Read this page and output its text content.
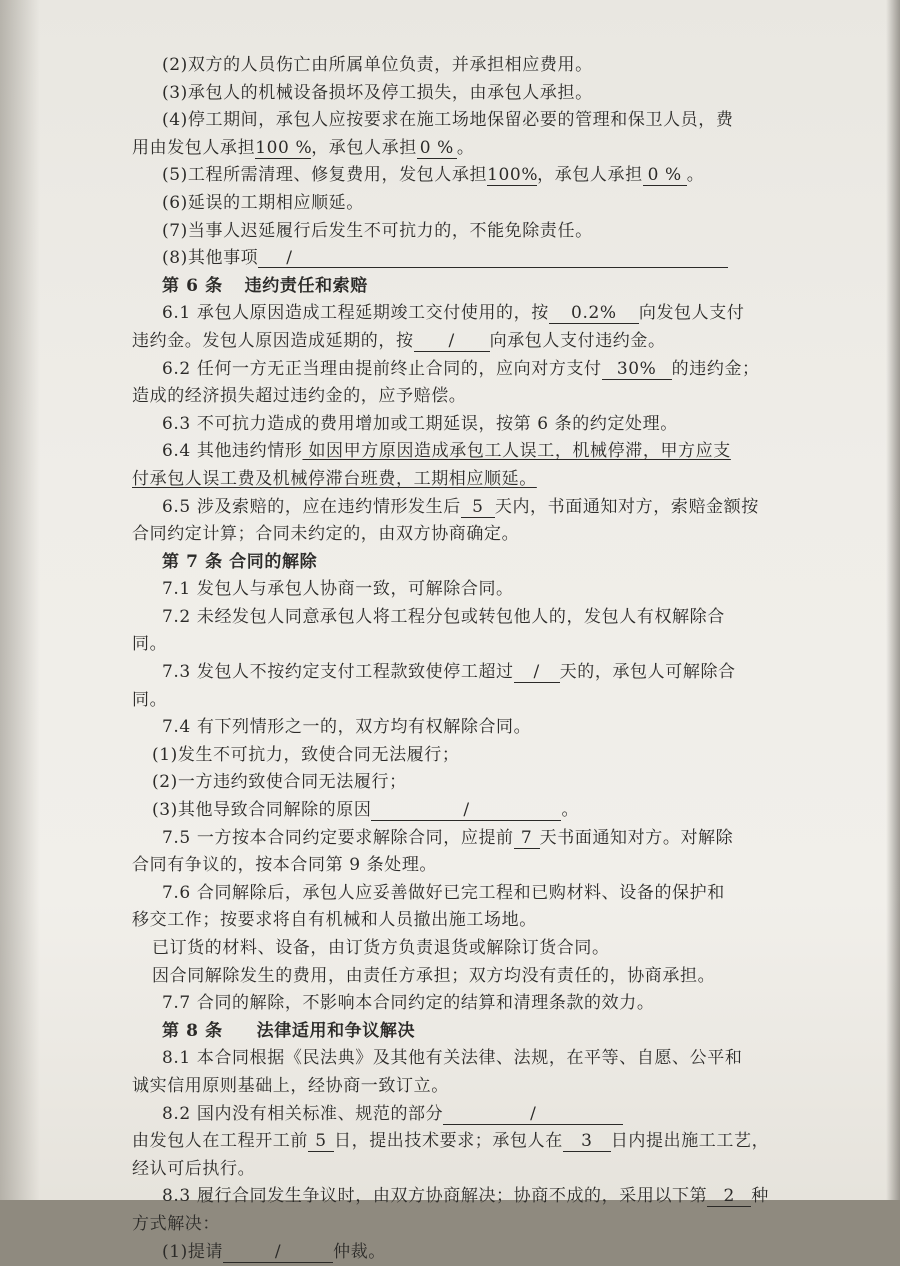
(2)双方的人员伤亡由所属单位负责，并承担相应费用。
(3)承包人的机械设备损坏及停工损失，由承包人承担。
(4)停工期间，承包人应按要求在施工场地保留必要的管理和保卫人员，费
用由发包人承担100 %，承包人承担 0 % 。
(5)工程所需清理、修复费用，发包人承担100%，承包人承担 0 % 。
(6)延误的工期相应顺延。
(7)当事人迟延履行后发生不可抗力的，不能免除责任。
(8)其他事项 /
第 6 条 违约责任和索赔
6.1 承包人原因造成工程延期竣工交付使用的，按 0.2% 向发包人支付
违约金。发包人原因造成延期的，按 / 向承包人支付违约金。
6.2 任何一方无正当理由提前终止合同的，应向对方支付 30% 的违约金；
造成的经济损失超过违约金的，应予赔偿。
6.3 不可抗力造成的费用增加或工期延误，按第 6 条的约定处理。
6.4 其他违约情形 如因甲方原因造成承包工人误工，机械停滞，甲方应支
付承包人误工费及机械停滞台班费，工期相应顺延。
6.5 涉及索赔的，应在违约情形发生后 5 天内，书面通知对方，索赔金额按
合同约定计算；合同未约定的，由双方协商确定。
第 7 条 合同的解除
7.1 发包人与承包人协商一致，可解除合同。
7.2 未经发包人同意承包人将工程分包或转包他人的，发包人有权解除合
同。
7.3 发包人不按约定支付工程款致使停工超过 / 天的，承包人可解除合
同。
7.4 有下列情形之一的，双方均有权解除合同。
(1)发生不可抗力，致使合同无法履行；
(2)一方违约致使合同无法履行；
(3)其他导致合同解除的原因	/	。
7.5 一方按本合同约定要求解除合同，应提前 7 天书面通知对方。对解除
合同有争议的，按本合同第 9 条处理。
7.6 合同解除后，承包人应妥善做好已完工程和已购材料、设备的保护和
移交工作；按要求将自有机械和人员撤出施工场地。
已订货的材料、设备，由订货方负责退货或解除订货合同。
因合同解除发生的费用，由责任方承担；双方均没有责任的，协商承担。
7.7 合同的解除，不影响本合同约定的结算和清理条款的效力。
第 8 条 法律适用和争议解决
8.1 本合同根据《民法典》及其他有关法律、法规，在平等、自愿、公平和
诚实信用原则基础上，经协商一致订立。
8.2 国内没有相关标准、规范的部分	/
由发包人在工程开工前 5 日，提出技术要求；承包人在 3 日内提出施工工艺，
经认可后执行。
8.3 履行合同发生争议时，由双方协商解决；协商不成的，采用以下第 2 种
方式解决：
(1)提请	/	仲裁。
